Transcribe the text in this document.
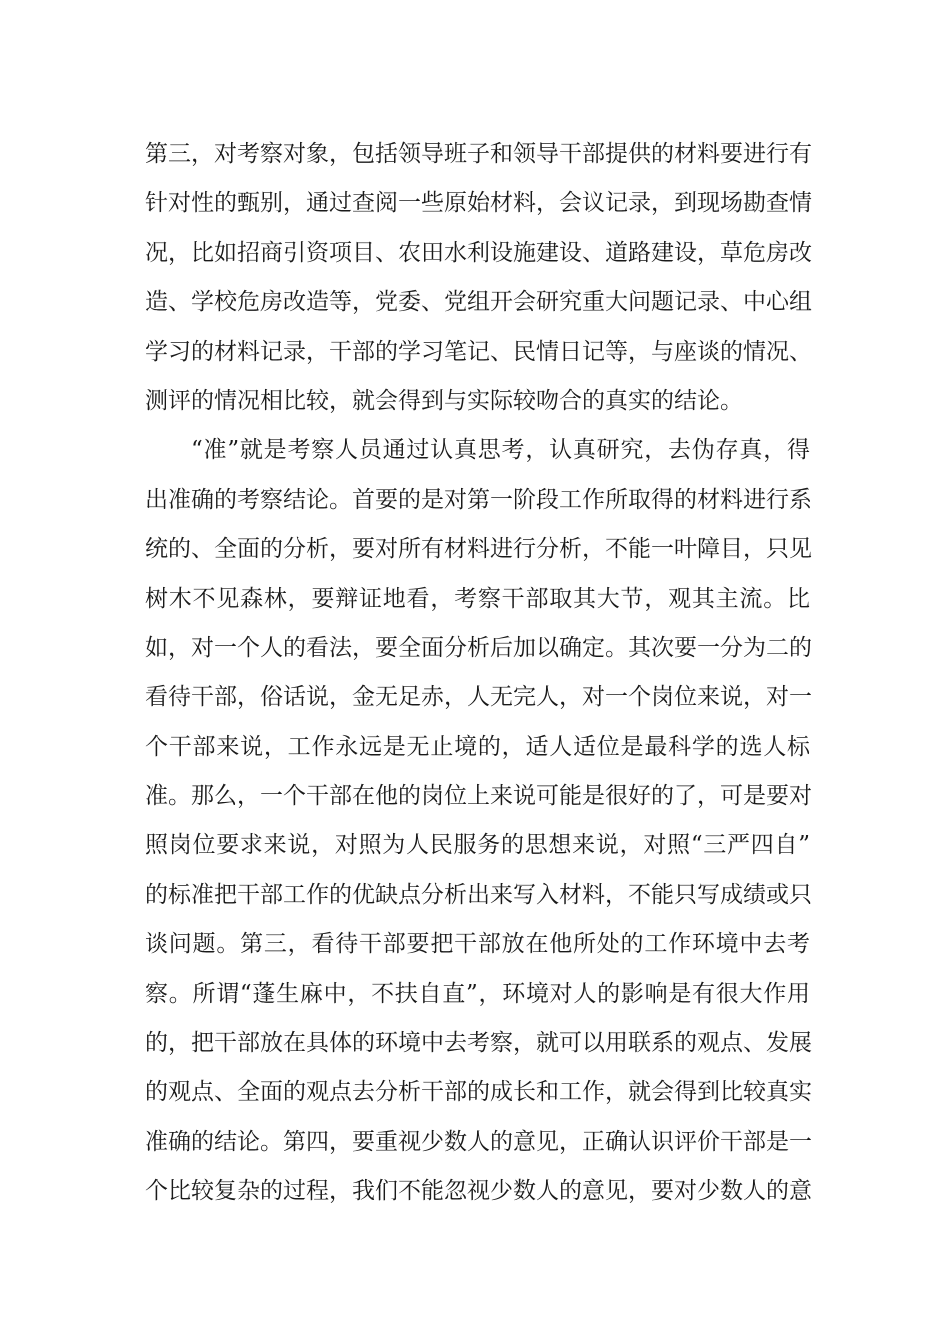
第三，对考察对象，包括领导班子和领导干部提供的材料要进行有
针对性的甄别，通过查阅一些原始材料，会议记录，到现场勘查情
况，比如招商引资项目、农田水利设施建设、道路建设，草危房改
造、学校危房改造等，党委、党组开会研究重大问题记录、中心组
学习的材料记录，干部的学习笔记、民情日记等，与座谈的情况、
测评的情况相比较，就会得到与实际较吻合的真实的结论。
“准”就是考察人员通过认真思考，认真研究，去伪存真，得
出准确的考察结论。首要的是对第一阶段工作所取得的材料进行系
统的、全面的分析，要对所有材料进行分析，不能一叶障目，只见
树木不见森林，要辩证地看，考察干部取其大节，观其主流。比
如，对一个人的看法，要全面分析后加以确定。其次要一分为二的
看待干部，俗话说，金无足赤，人无完人，对一个岗位来说，对一
个干部来说，工作永远是无止境的，适人适位是最科学的选人标
准。那么，一个干部在他的岗位上来说可能是很好的了，可是要对
照岗位要求来说，对照为人民服务的思想来说，对照“三严四自”
的标准把干部工作的优缺点分析出来写入材料，不能只写成绩或只
谈问题。第三，看待干部要把干部放在他所处的工作环境中去考
察。所谓“蓬生麻中，不扶自直”，环境对人的影响是有很大作用
的，把干部放在具体的环境中去考察，就可以用联系的观点、发展
的观点、全面的观点去分析干部的成长和工作，就会得到比较真实
准确的结论。第四，要重视少数人的意见，正确认识评价干部是一
个比较复杂的过程，我们不能忽视少数人的意见，要对少数人的意
